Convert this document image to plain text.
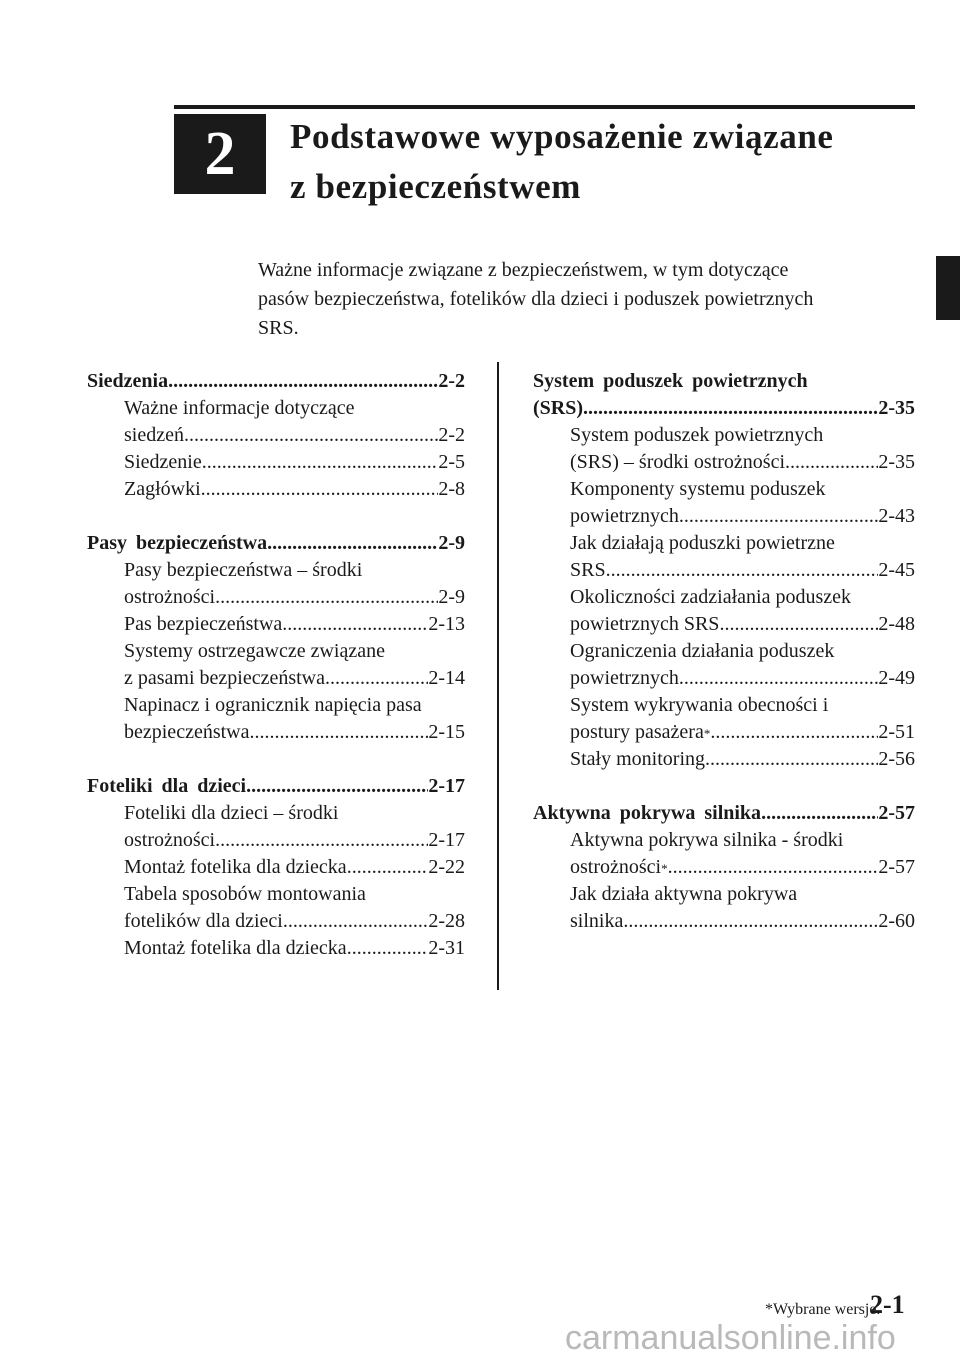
2	Podstawowe wyposażenie związane
z bezpieczeństwem
Ważne informacje związane z bezpieczeństwem, w tym dotyczące
pasów bezpieczeństwa, fotelików dla dzieci i poduszek powietrznych
SRS.
Siedzenia .....	2-2
Ważne informacje dotyczące
siedzeń .....	2-2
Siedzenie .....	2-5
Zagłówki .....	2-8
Pasy bezpieczeństwa .....	2-9
Pasy bezpieczeństwa – środki
ostrożności .....	2-9
Pas bezpieczeństwa .....	2-13
Systemy ostrzegawcze związane
z pasami bezpieczeństwa .....	2-14
Napinacz i ogranicznik napięcia pasa
bezpieczeństwa .....	2-15
Foteliki dla dzieci .....	2-17
Foteliki dla dzieci – środki
ostrożności .....	2-17
Montaż fotelika dla dziecka .....	2-22
Tabela sposobów montowania
fotelików dla dzieci .....	2-28
Montaż fotelika dla dziecka .....	2-31
System poduszek powietrznych
(SRS) .....	2-35
System poduszek powietrznych
(SRS) – środki ostrożności .....	2-35
Komponenty systemu poduszek
powietrznych .....	2-43
Jak działają poduszki powietrzne
SRS .....	2-45
Okoliczności zadziałania poduszek
powietrznych SRS .....	2-48
Ograniczenia działania poduszek
powietrznych .....	2-49
System wykrywania obecności i
postury pasażera * .....	2-51
Stały monitoring .....	2-56
Aktywna pokrywa silnika .....	2-57
Aktywna pokrywa silnika - środki
ostrożności * .....	2-57
Jak działa aktywna pokrywa
silnika .....	2-60
*Wybrane wersje.
2-1
carmanualsonline.info
